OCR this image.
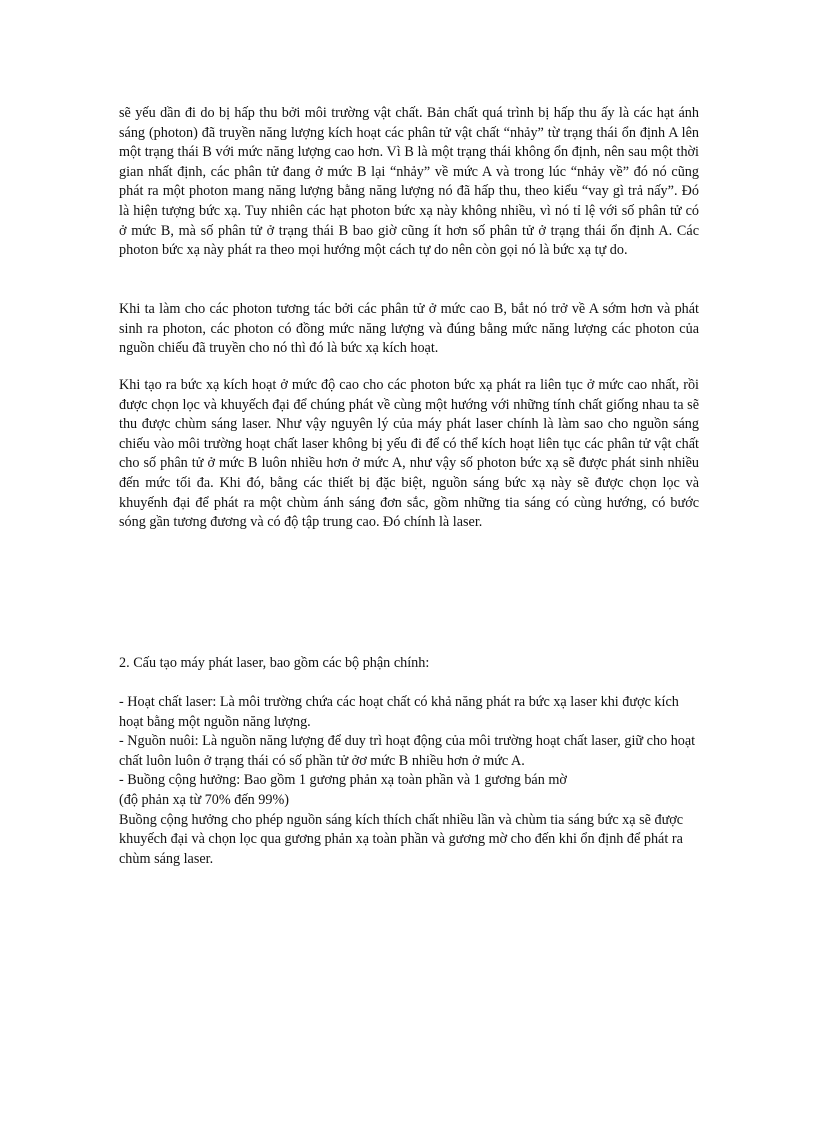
sẽ yếu dần đi do bị hấp thu bởi môi trường vật chất. Bản chất quá trình bị hấp thu ấy là các hạt ánh sáng (photon) đã truyền năng lượng kích hoạt các phân tử vật chất “nhảy” từ trạng thái ổn định A lên một trạng thái B với mức năng lượng cao hơn. Vì B là một trạng thái không ổn định, nên sau một thời gian nhất định, các phân tử đang ở mức B lại “nhảy” về mức A và trong lúc “nhảy về” đó nó cũng phát ra một photon mang năng lượng bằng năng lượng nó đã hấp thu, theo kiểu “vay gì trả nấy”. Đó là hiện tượng bức xạ. Tuy nhiên các hạt photon bức xạ này không nhiều, vì nó tỉ lệ với số phân tử có ở mức B, mà số phân tử ở trạng thái B bao giờ cũng ít hơn số phân tử ở trạng thái ổn định A. Các photon bức xạ này phát ra theo mọi hướng một cách tự do nên còn gọi nó là bức xạ tự do.

Khi ta làm cho các photon tương tác bởi các phân tử ở mức cao B, bắt nó trở về A sớm hơn và phát sinh ra photon, các photon có đồng mức năng lượng và đúng bằng mức năng lượng các photon của nguồn chiếu đã truyền cho nó thì đó là bức xạ kích hoạt.

Khi tạo ra bức xạ kích hoạt ở mức độ cao cho các photon bức xạ phát ra liên tục ở mức cao nhất, rồi được chọn lọc và khuyếch đại để chúng phát về cùng một hướng với những tính chất giống nhau ta sẽ thu được chùm sáng laser. Như vậy nguyên lý của máy phát laser chính là làm sao cho nguồn sáng chiếu vào môi trường hoạt chất laser không bị yếu đi để có thể kích hoạt liên tục các phân tử vật chất cho số phân tử ở mức B luôn nhiều hơn ở mức A, như vậy số photon bức xạ sẽ được phát sinh nhiều đến mức tối đa. Khi đó, bằng các thiết bị đặc biệt, nguồn sáng bức xạ này sẽ được chọn lọc và khuyếnh đại để phát ra một chùm ánh sáng đơn sắc, gồm những tia sáng có cùng hướng, có bước sóng gần tương đương và có độ tập trung cao. Đó chính là laser.

2. Cấu tạo máy phát laser, bao gồm các bộ phận chính:

- Hoạt chất laser: Là môi trường chứa các hoạt chất có khả năng phát ra bức xạ laser khi được kích hoạt bằng một nguồn năng lượng.

- Nguồn nuôi: Là nguồn năng lượng để duy trì hoạt động của môi trường hoạt chất laser, giữ cho hoạt chất luôn luôn ở trạng thái có số phần tử ởơ mức B nhiều hơn ở mức A.

- Buồng cộng hưởng: Bao gồm 1 gương phản xạ toàn phần và 1 gương bán mờ

(độ phản xạ từ 70% đến 99%)

Buồng cộng hưởng cho phép nguồn sáng kích thích chất nhiều lần và chùm tia sáng bức xạ sẽ được khuyếch đại và chọn lọc qua gương phản xạ toàn phần và gương mờ cho đến khi ổn định để phát ra chùm sáng laser.
